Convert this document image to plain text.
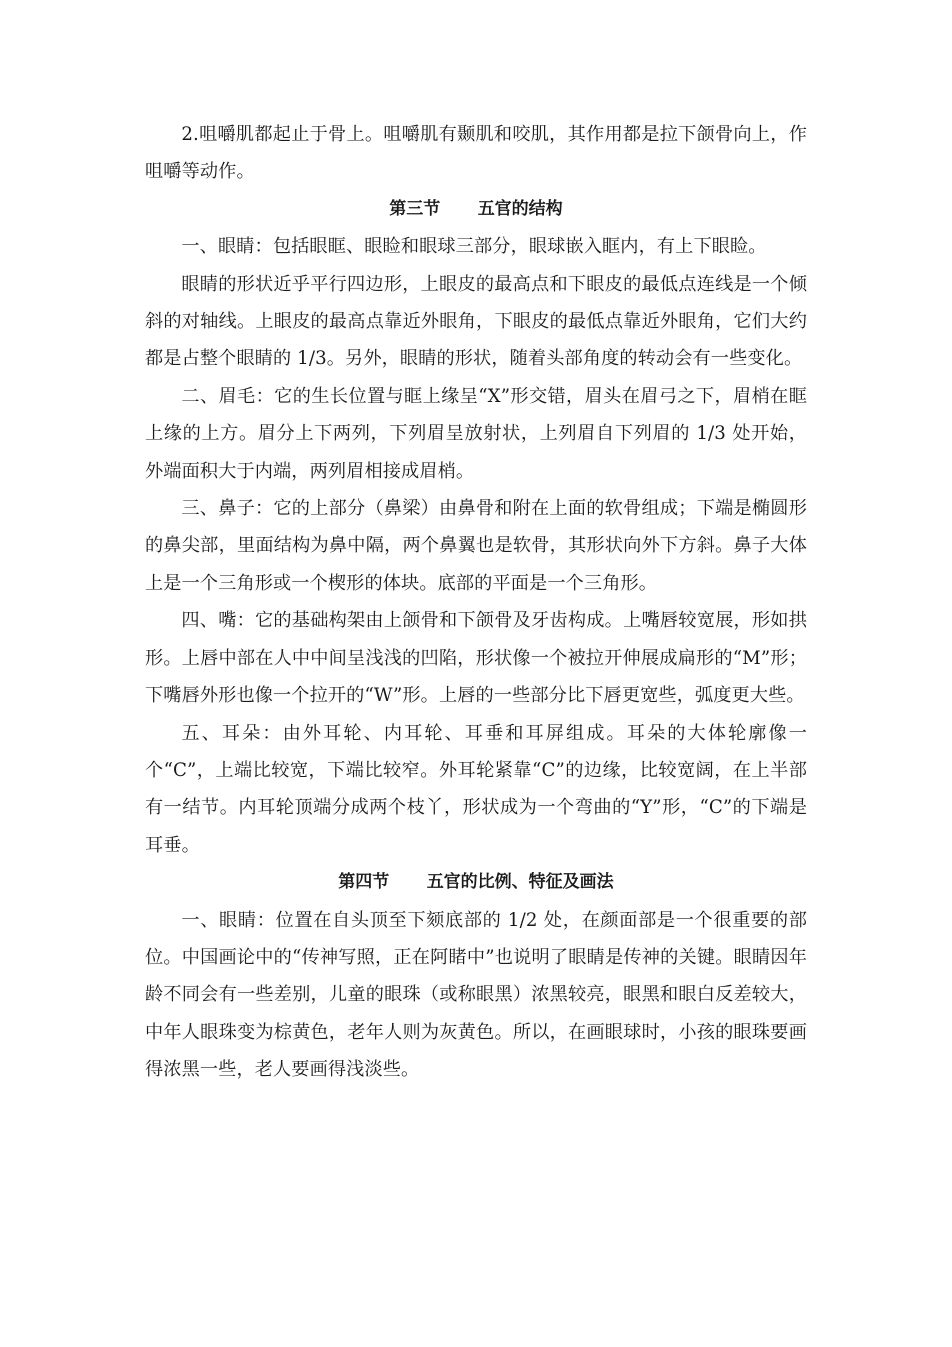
2.咀嚼肌都起止于骨上。咀嚼肌有颞肌和咬肌，其作用都是拉下颌骨向上，作咀嚼等动作。

第三节 五官的结构

一、眼睛：包括眼眶、眼睑和眼球三部分，眼球嵌入眶内，有上下眼睑。

眼睛的形状近乎平行四边形，上眼皮的最高点和下眼皮的最低点连线是一个倾斜的对轴线。上眼皮的最高点靠近外眼角，下眼皮的最低点靠近外眼角，它们大约都是占整个眼睛的 1/3。另外，眼睛的形状，随着头部角度的转动会有一些变化。

二、眉毛：它的生长位置与眶上缘呈“X”形交错，眉头在眉弓之下，眉梢在眶上缘的上方。眉分上下两列，下列眉呈放射状，上列眉自下列眉的 1/3 处开始，外端面积大于内端，两列眉相接成眉梢。

三、鼻子：它的上部分（鼻梁）由鼻骨和附在上面的软骨组成；下端是椭圆形的鼻尖部，里面结构为鼻中隔，两个鼻翼也是软骨，其形状向外下方斜。鼻子大体上是一个三角形或一个楔形的体块。底部的平面是一个三角形。

四、嘴：它的基础构架由上颌骨和下颌骨及牙齿构成。上嘴唇较宽展，形如拱形。上唇中部在人中中间呈浅浅的凹陷，形状像一个被拉开伸展成扁形的“M”形；下嘴唇外形也像一个拉开的“W”形。上唇的一些部分比下唇更宽些，弧度更大些。

五、耳朵：由外耳轮、内耳轮、耳垂和耳屏组成。耳朵的大体轮廓像一个“C”，上端比较宽，下端比较窄。外耳轮紧靠“C”的边缘，比较宽阔，在上半部有一结节。内耳轮顶端分成两个枝丫，形状成为一个弯曲的“Y”形，“C”的下端是耳垂。

第四节 五官的比例、特征及画法

一、眼睛：位置在自头顶至下颏底部的 1/2 处，在颜面部是一个很重要的部位。中国画论中的“传神写照，正在阿睹中”也说明了眼睛是传神的关键。眼睛因年龄不同会有一些差别，儿童的眼珠（或称眼黑）浓黑较亮，眼黑和眼白反差较大，中年人眼珠变为棕黄色，老年人则为灰黄色。所以，在画眼球时，小孩的眼珠要画得浓黑一些，老人要画得浅淡些。
